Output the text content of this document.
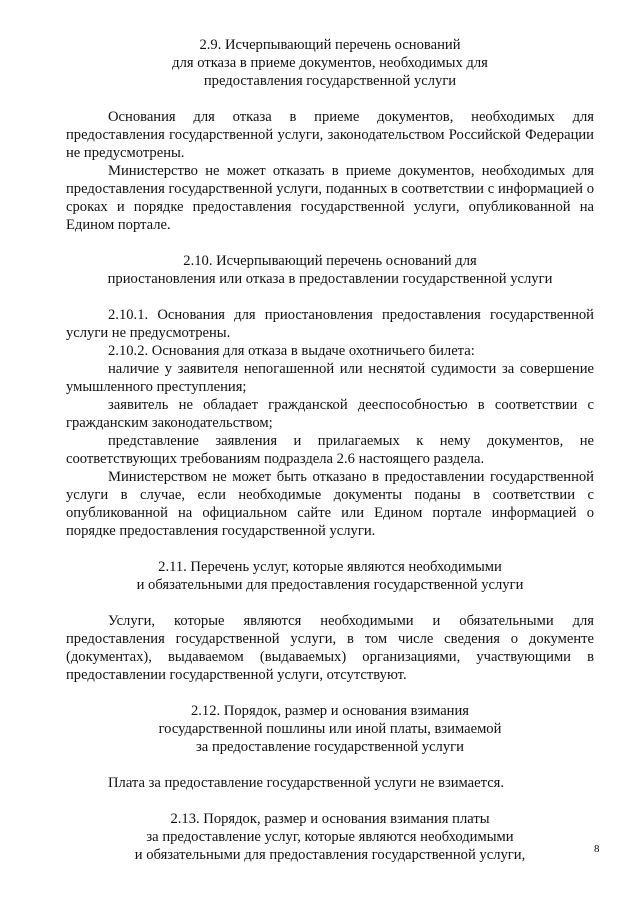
2.9. Исчерпывающий перечень оснований
для отказа в приеме документов, необходимых для
предоставления государственной услуги

Основания для отказа в приеме документов, необходимых для предоставления государственной услуги, законодательством Российской Федерации не предусмотрены.

Министерство не может отказать в приеме документов, необходимых для предоставления государственной услуги, поданных в соответствии с информацией о сроках и порядке предоставления государственной услуги, опубликованной на Едином портале.

2.10. Исчерпывающий перечень оснований для
приостановления или отказа в предоставлении государственной услуги

2.10.1. Основания для приостановления предоставления государственной услуги не предусмотрены.

2.10.2. Основания для отказа в выдаче охотничьего билета:

наличие у заявителя непогашенной или неснятой судимости за совершение умышленного преступления;

заявитель не обладает гражданской дееспособностью в соответствии с гражданским законодательством;

представление заявления и прилагаемых к нему документов, не соответствующих требованиям подраздела 2.6 настоящего раздела.

Министерством не может быть отказано в предоставлении государственной услуги в случае, если необходимые документы поданы в соответствии с опубликованной на официальном сайте или Едином портале информацией о порядке предоставления государственной услуги.

2.11. Перечень услуг, которые являются необходимыми
и обязательными для предоставления государственной услуги

Услуги, которые являются необходимыми и обязательными для предоставления государственной услуги, в том числе сведения о документе (документах), выдаваемом (выдаваемых) организациями, участвующими в предоставлении государственной услуги, отсутствуют.

2.12. Порядок, размер и основания взимания
государственной пошлины или иной платы, взимаемой
за предоставление государственной услуги

Плата за предоставление государственной услуги не взимается.

2.13. Порядок, размер и основания взимания платы
за предоставление услуг, которые являются необходимыми
и обязательными для предоставления государственной услуги,	8
